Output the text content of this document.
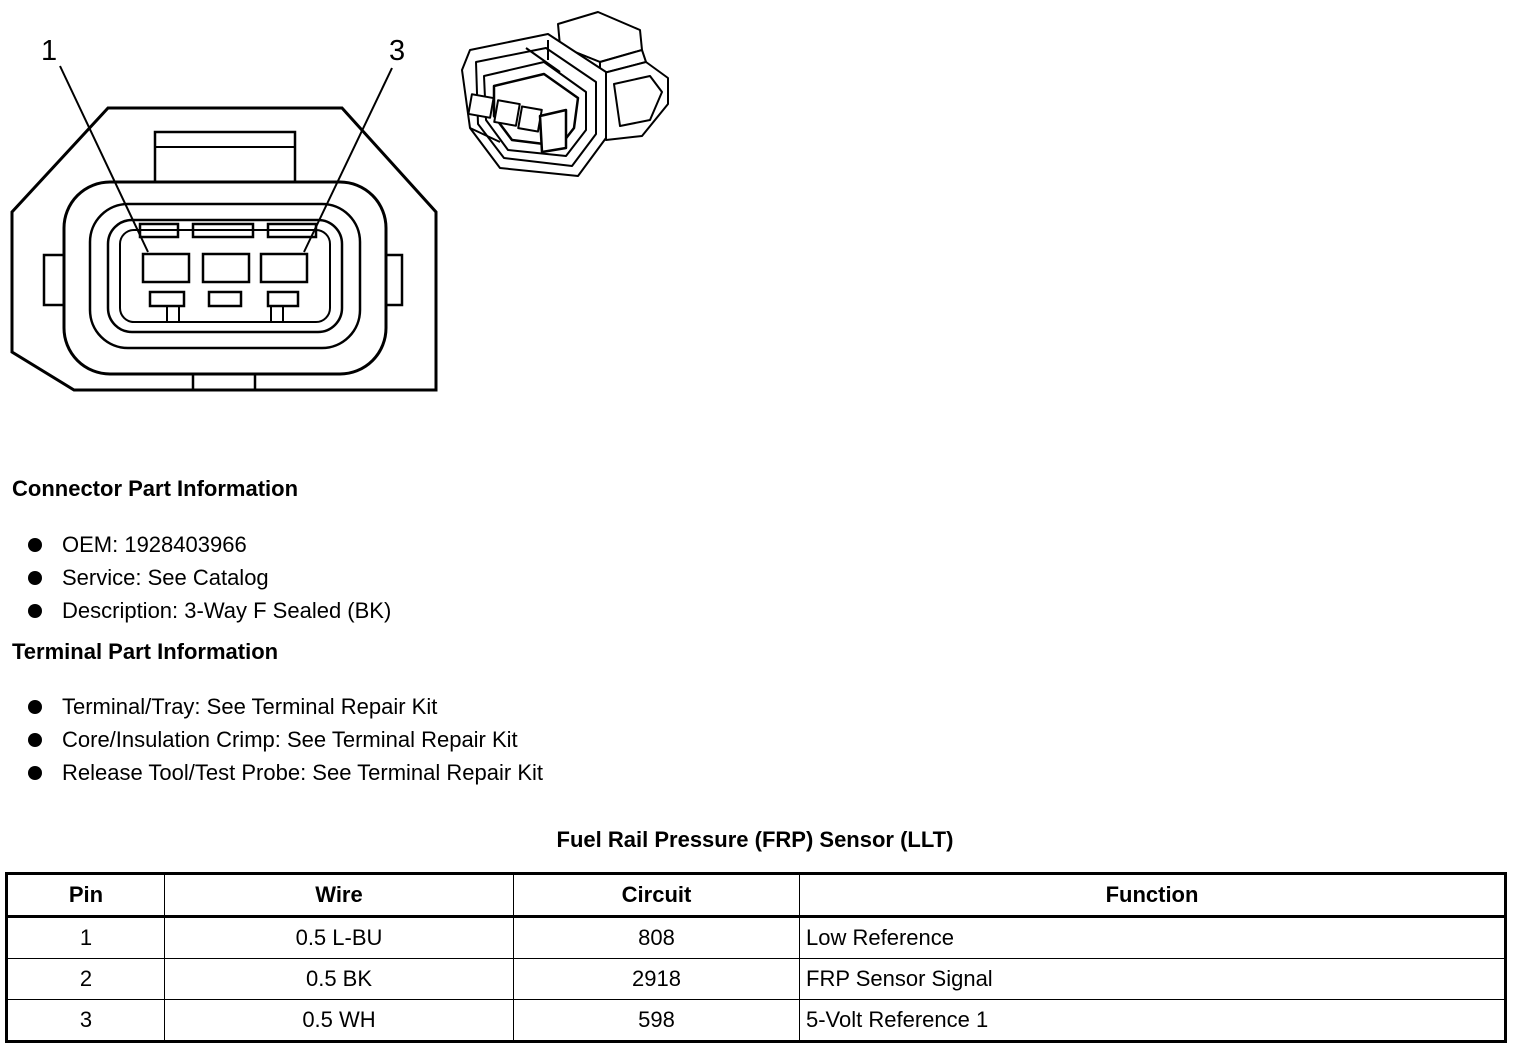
1	3
Connector Part Information
OEM: 1928403966
Service: See Catalog
Description: 3-Way F Sealed (BK)
Terminal Part Information
Terminal/Tray: See Terminal Repair Kit
Core/Insulation Crimp: See Terminal Repair Kit
Release Tool/Test Probe: See Terminal Repair Kit
Fuel Rail Pressure (FRP) Sensor (LLT)
Pin	Wire	Circuit	Function
1	0.5 L-BU	808	Low Reference
2	0.5 BK	2918	FRP Sensor Signal
3	0.5 WH	598	5-Volt Reference 1
